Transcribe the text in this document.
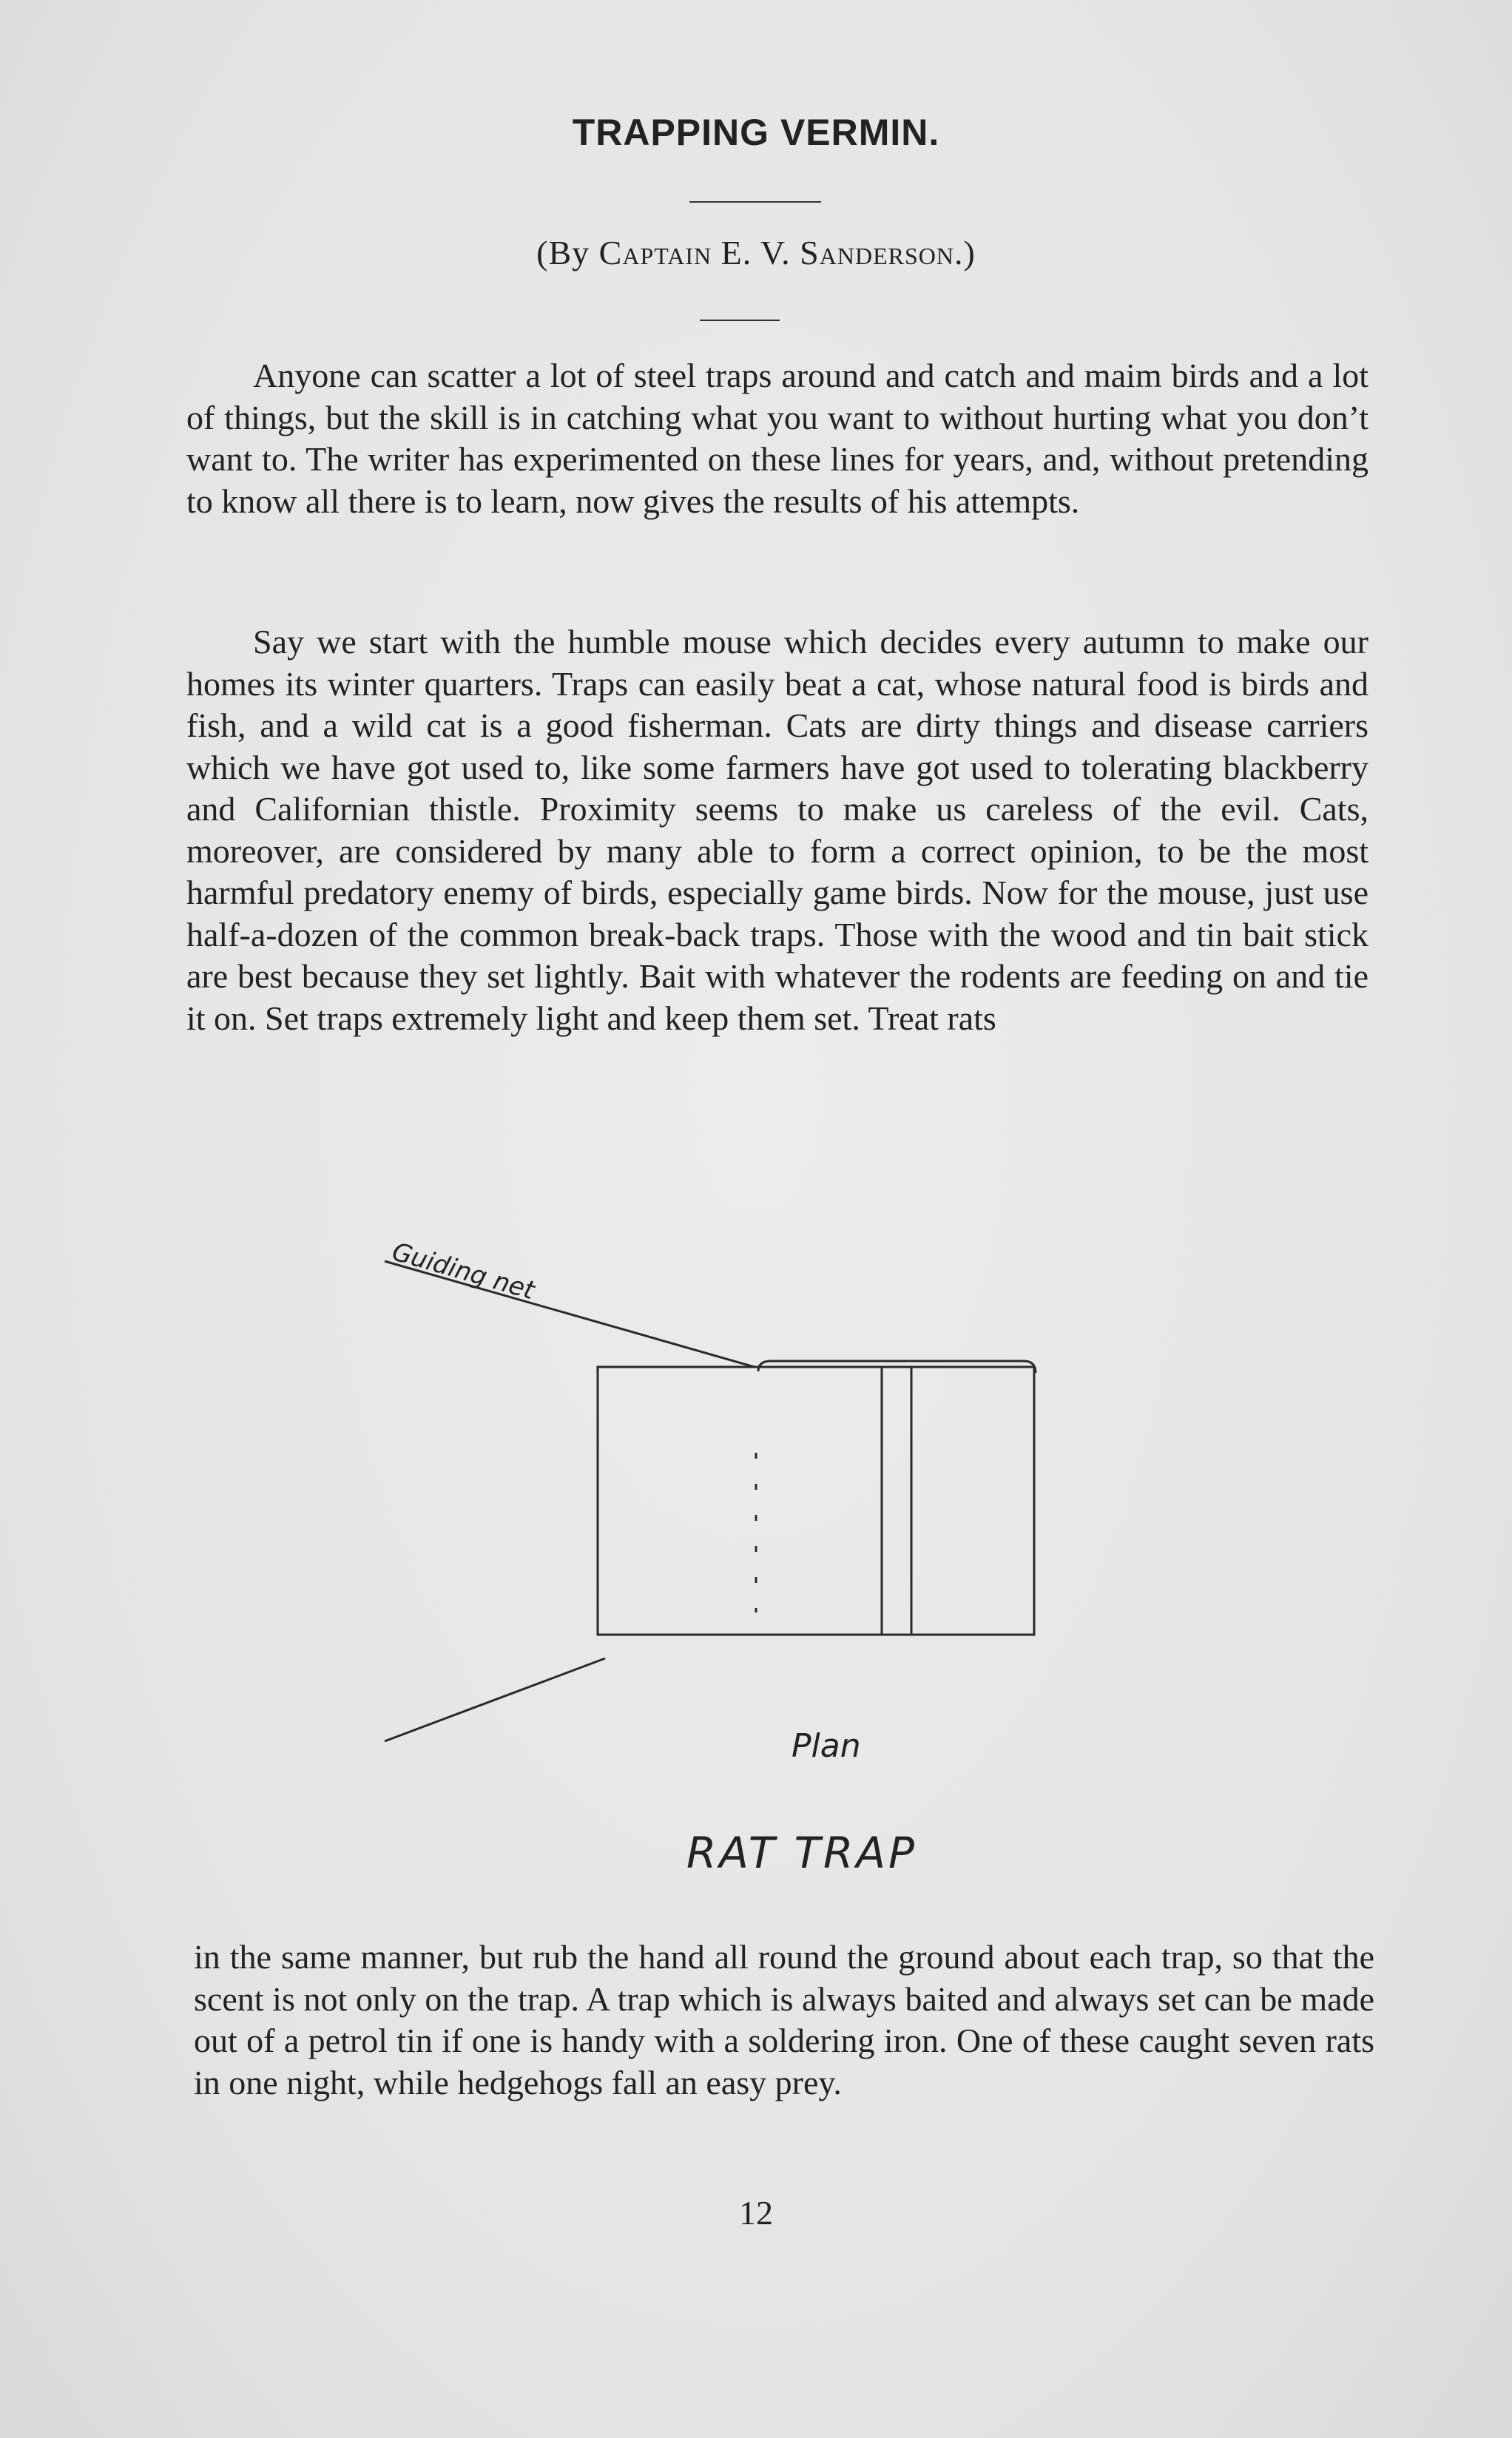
TRAPPING VERMIN.
(By Captain E. V. Sanderson.)

Anyone can scatter a lot of steel traps around and catch and maim birds and a lot of things, but the skill is in catching what you want to without hurting what you don’t want to. The writer has experimented on these lines for years, and, without pretending to know all there is to learn, now gives the results of his attempts.

Say we start with the humble mouse which decides every autumn to make our homes its winter quarters. Traps can easily beat a cat, whose natural food is birds and fish, and a wild cat is a good fisherman. Cats are dirty things and disease carriers which we have got used to, like some farmers have got used to tolerating blackberry and Californian thistle. Proximity seems to make us careless of the evil. Cats, moreover, are considered by many able to form a correct opinion, to be the most harmful predatory enemy of birds, especially game birds. Now for the mouse, just use half-a-dozen of the common break-back traps. Those with the wood and tin bait stick are best because they set lightly. Bait with whatever the rodents are feeding on and tie it on. Set traps extremely light and keep them set. Treat rats

Guiding net
Plan
RAT TRAP

in the same manner, but rub the hand all round the ground about each trap, so that the scent is not only on the trap. A trap which is always baited and always set can be made out of a petrol tin if one is handy with a soldering iron. One of these caught seven rats in one night, while hedgehogs fall an easy prey.

12
